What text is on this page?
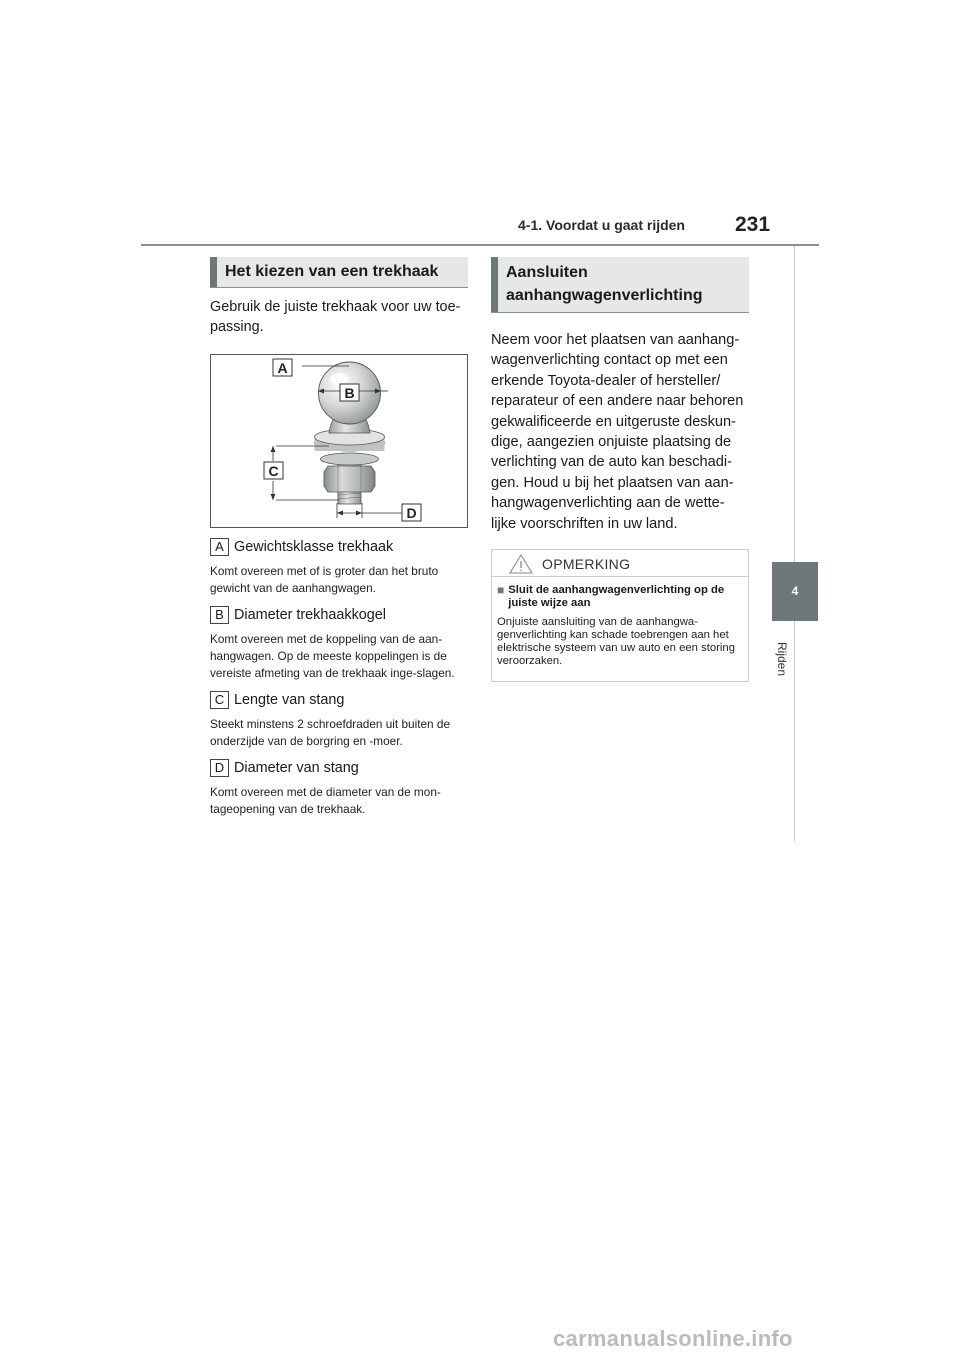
4-1. Voordat u gaat rijden 231
4
Rijden
Het kiezen van een trekhaak
Gebruik de juiste trekhaak voor uw toe-passing.
A
B
C
D
A Gewichtsklasse trekhaak
Komt overeen met of is groter dan het bruto gewicht van de aanhangwagen.
B Diameter trekhaakkogel
Komt overeen met de koppeling van de aan-hangwagen. Op de meeste koppelingen is de vereiste afmeting van de trekhaak inge-slagen.
C Lengte van stang
Steekt minstens 2 schroefdraden uit buiten de onderzijde van de borgring en -moer.
D Diameter van stang
Komt overeen met de diameter van de mon-tageopening van de trekhaak.
Aansluiten
aanhangwagenverlichting
Neem voor het plaatsen van aanhang-wagenverlichting contact op met een erkende Toyota-dealer of hersteller/ reparateur of een andere naar behoren gekwalificeerde en uitgeruste deskun-dige, aangezien onjuiste plaatsing de verlichting van de auto kan beschadi-gen. Houd u bij het plaatsen van aan-hangwagenverlichting aan de wette-lijke voorschriften in uw land.
OPMERKING
■ Sluit de aanhangwagenverlichting op de juiste wijze aan
Onjuiste aansluiting van de aanhangwa-genverlichting kan schade toebrengen aan het elektrische systeem van uw auto en een storing veroorzaken.
carmanualsonline.info
